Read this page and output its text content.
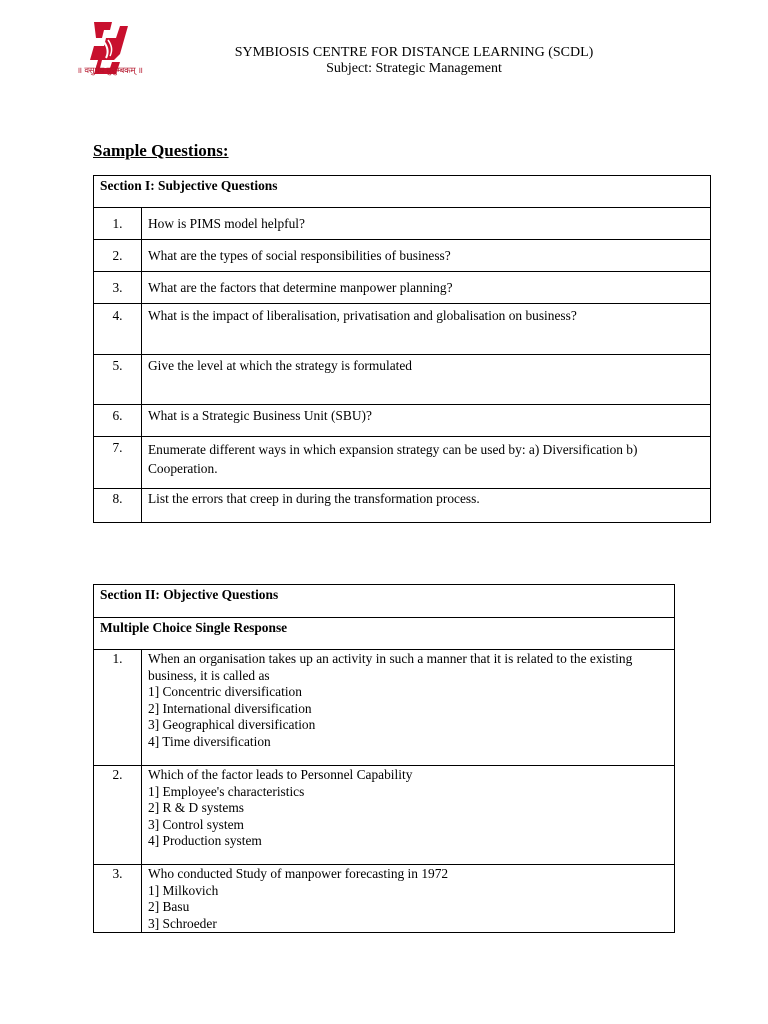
॥ वसुधैव कुटुम्बकम् ॥
SYMBIOSIS CENTRE FOR DISTANCE LEARNING (SCDL)
Subject: Strategic Management
Sample Questions:
Section I: Subjective Questions	
1.	How is PIMS model helpful?
2.	What are the types of social responsibilities of business?
3.	What are the factors that determine manpower planning?
4.	What is the impact of liberalisation, privatisation and globalisation on business?
5.	Give the level at which the strategy is formulated
6.	What is a Strategic Business Unit (SBU)?
7.	Enumerate different ways in which expansion strategy can be used by: a) Diversification b) Cooperation.
8.	List the errors that creep in during the transformation process.
Section II: Objective Questions	
Multiple Choice Single Response	
1.	When an organisation takes up an activity in such a manner that it is related to the existing business, it is called as
1] Concentric diversification
2] International diversification
3] Geographical diversification
4] Time diversification

2.	Which of the factor leads to Personnel Capability
1] Employee's characteristics
2] R & D systems
3] Control system
4] Production system

3.	Who conducted Study of manpower forecasting in 1972
1] Milkovich
2] Basu
3] Schroeder
